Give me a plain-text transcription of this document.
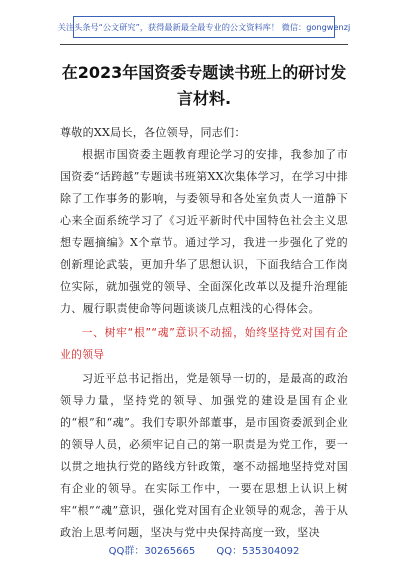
关注头条号“公文研究”，获得最新最全最专业的公文资料库！ 微信：gongwenzj
在2023年国资委专题读书班上的研讨发言材料.

尊敬的XX局长，各位领导，同志们：

根据市国资委主题教育理论学习的安排，我参加了市国资委“话跨越”专题读书班第XX次集体学习，在学习中排除了工作事务的影响，与委领导和各处室负责人一道静下心来全面系统学习了《习近平新时代中国特色社会主义思想专题摘编》X个章节。通过学习，我进一步强化了党的创新理论武装，更加升华了思想认识，下面我结合工作岗位实际，就加强党的领导、全面深化改革以及提升治理能力、履行职责使命等问题谈谈几点粗浅的心得体会。

一、树牢“根”“魂”意识不动摇，始终坚持党对国有企业的领导

习近平总书记指出，党是领导一切的，是最高的政治领导力量，坚持党的领导、加强党的建设是国有企业的“根”和“魂”。我们专职外部董事，是市国资委派到企业的领导人员，必须牢记自己的第一职责是为党工作，要一以贯之地执行党的路线方针政策，毫不动摇地坚持党对国有企业的领导。在实际工作中，一要在思想上认识上树牢“根”“魂”意识，强化党对国有企业领导的观念，善于从政治上思考问题，坚决与党中央保持高度一致，坚决

QQ群：30265665 QQ：535304092
